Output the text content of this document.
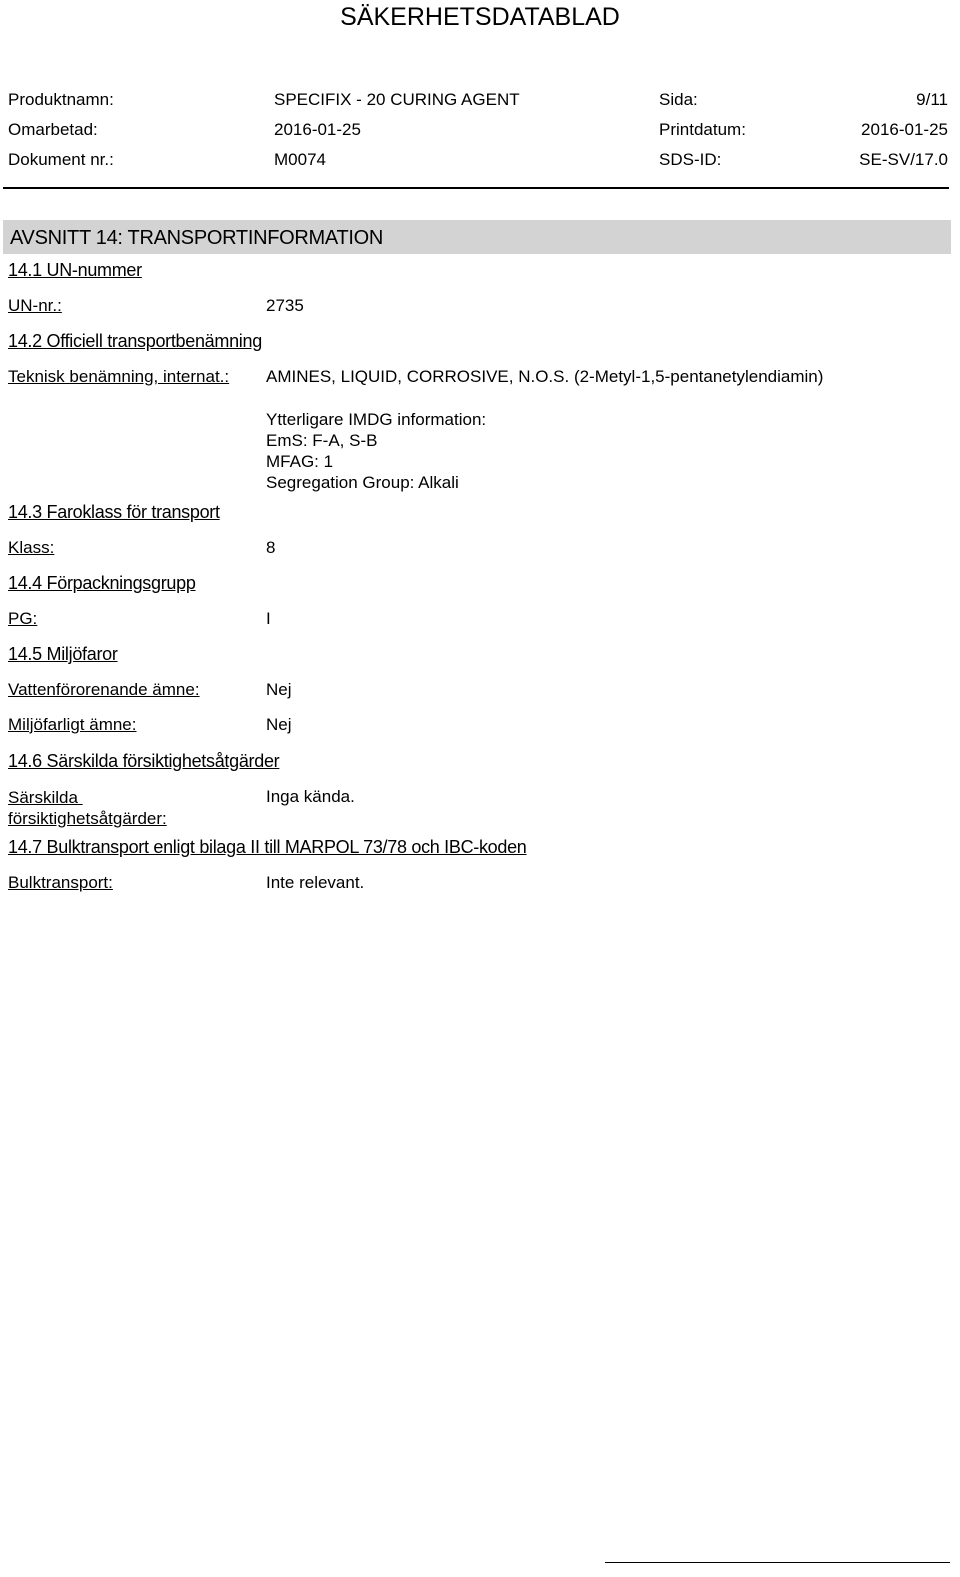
SÄKERHETSDATABLAD
Produktnamn:	SPECIFIX - 20 CURING AGENT	Sida:	9/11
Omarbetad:	2016-01-25	Printdatum:	2016-01-25
Dokument nr.:	M0074	SDS-ID:	SE-SV/17.0
AVSNITT 14: TRANSPORTINFORMATION
14.1 UN-nummer
UN-nr.:	2735
14.2 Officiell transportbenämning
Teknisk benämning, internat.: AMINES, LIQUID, CORROSIVE, N.O.S. (2-Metyl-1,5-pentanetylendiamin)
Ytterligare IMDG information:
EmS: F-A, S-B
MFAG: 1
Segregation Group: Alkali
14.3 Faroklass för transport
Klass:	8
14.4 Förpackningsgrupp
PG:	I
14.5 Miljöfaror
Vattenförorenande ämne:	Nej
Miljöfarligt ämne:	Nej
14.6 Särskilda försiktighetsåtgärder
Särskilda
försiktighetsåtgärder:
Inga kända.
14.7 Bulktransport enligt bilaga II till MARPOL 73/78 och IBC-koden
Bulktransport:	Inte relevant.
